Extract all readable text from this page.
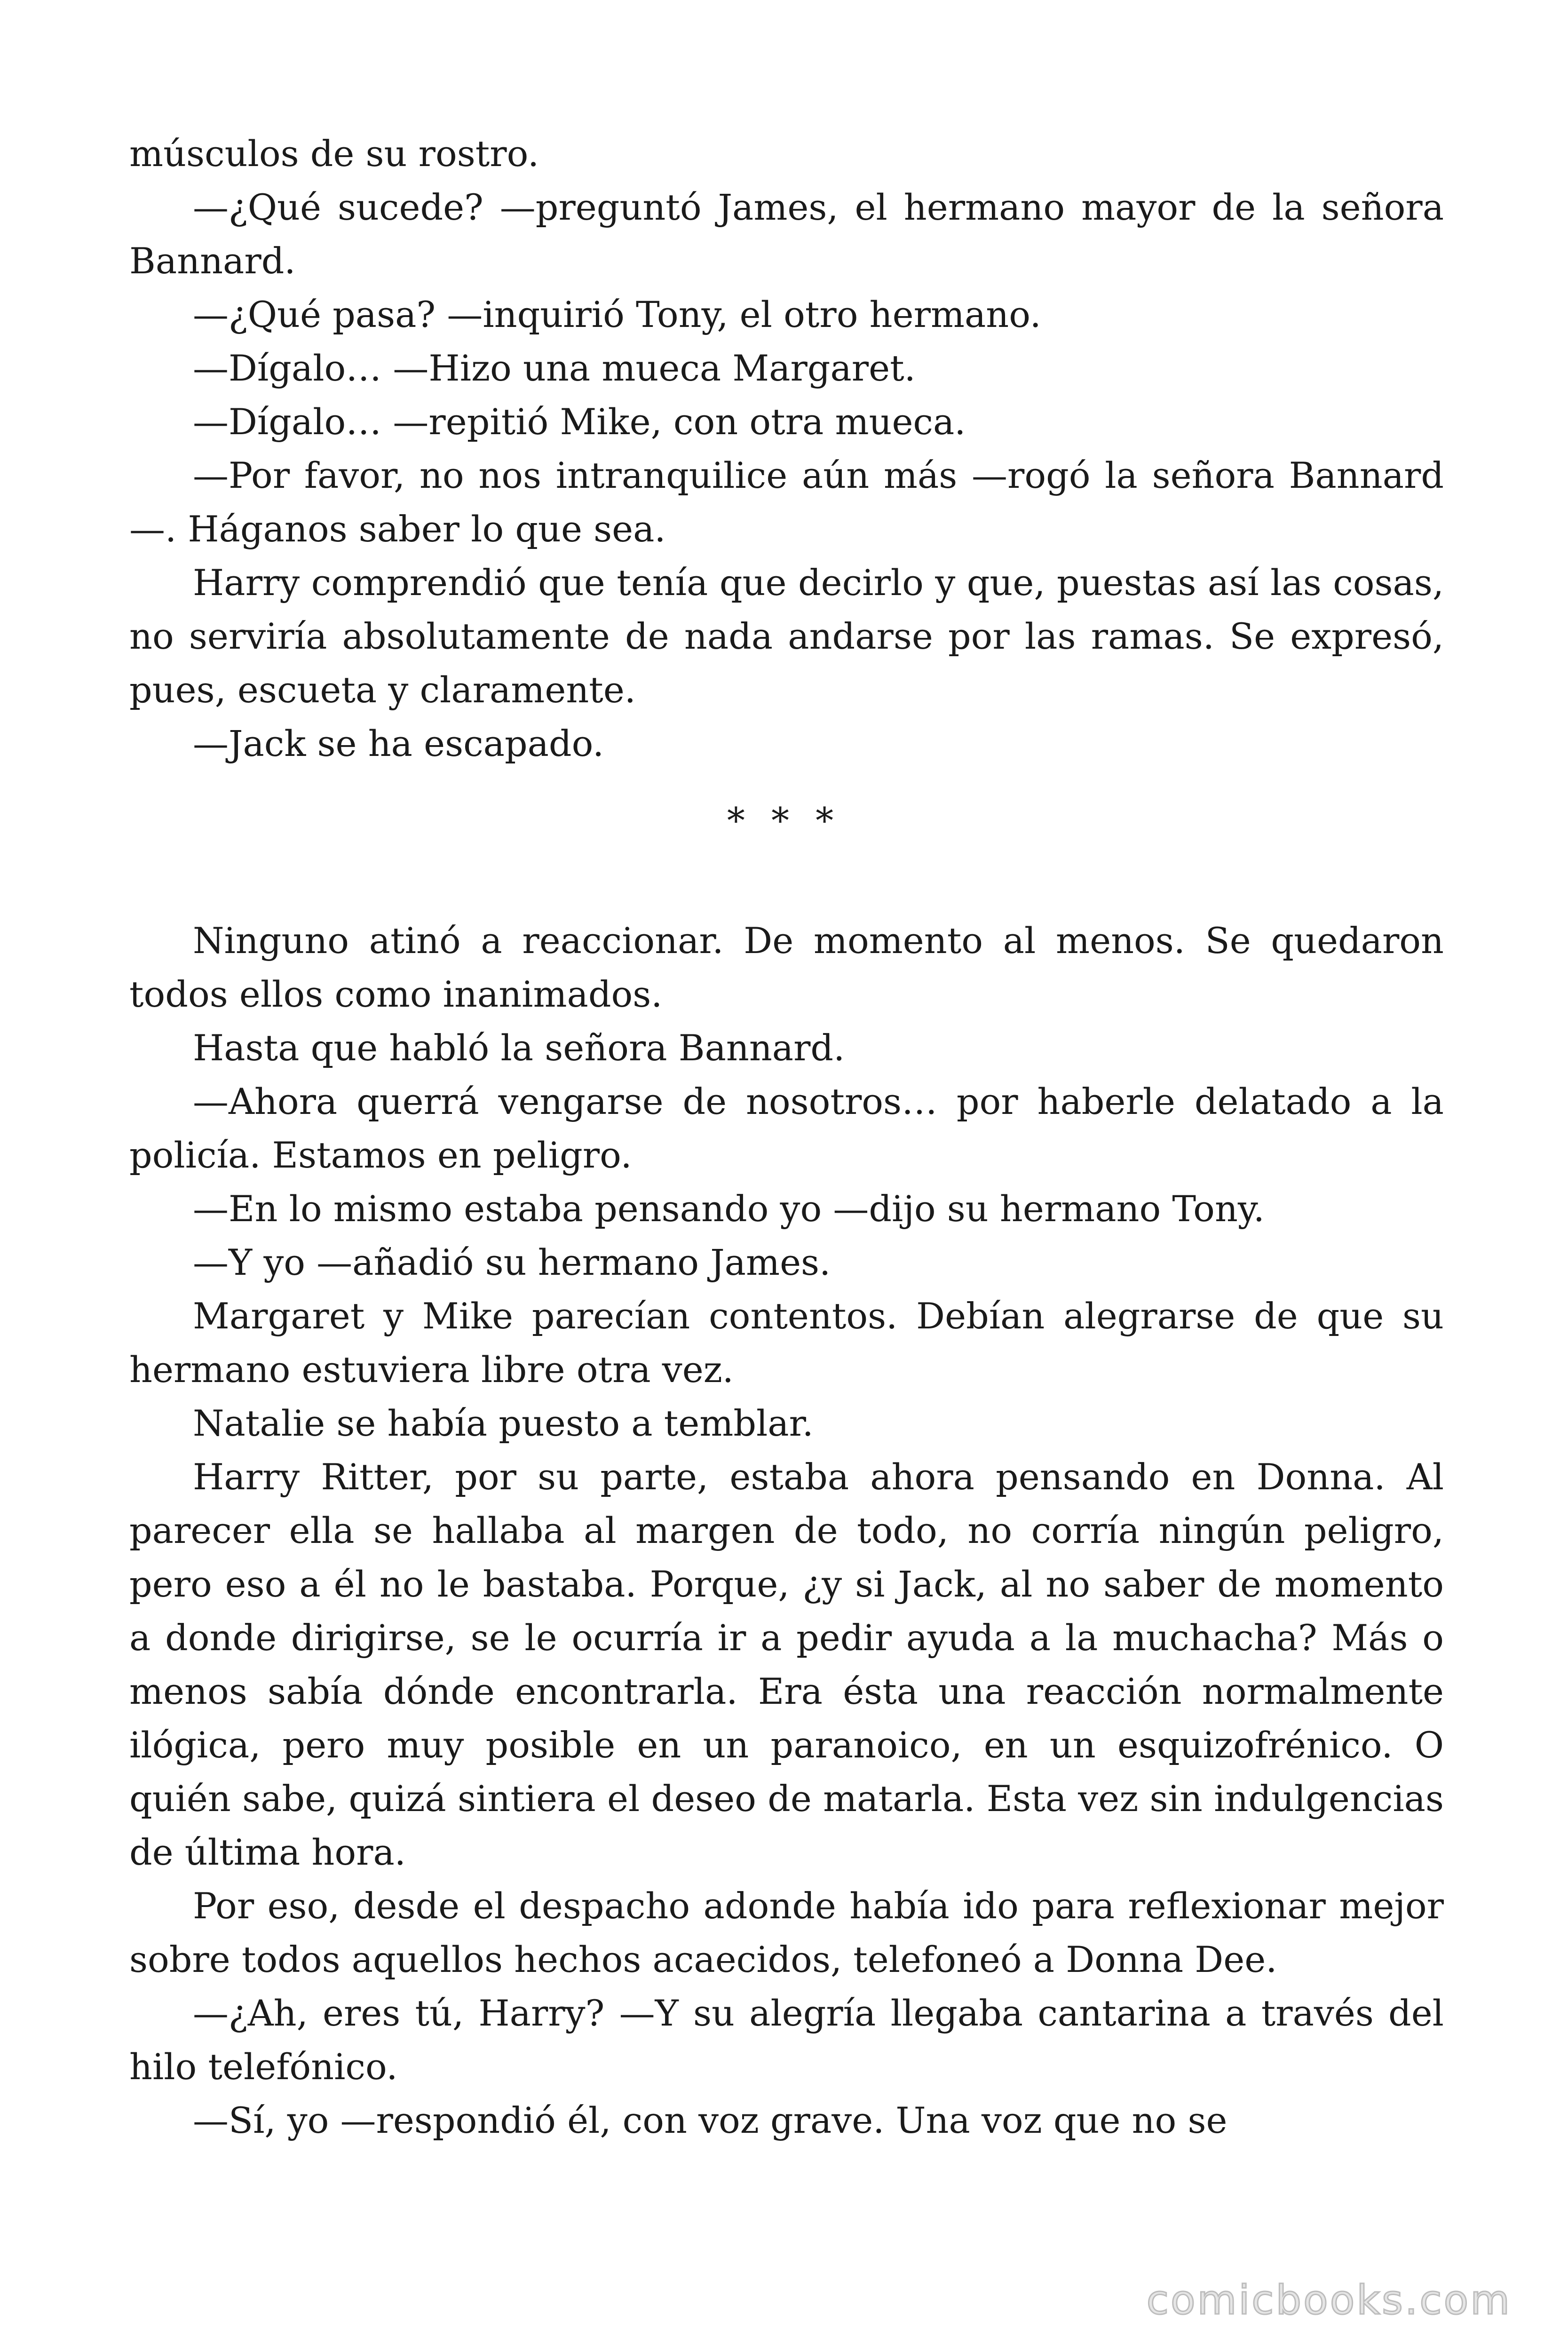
músculos de su rostro.

—¿Qué sucede? —preguntó James, el hermano mayor de la señora Bannard.

—¿Qué pasa? —inquirió Tony, el otro hermano.

—Dígalo… —Hizo una mueca Margaret.

—Dígalo… —repitió Mike, con otra mueca.

—Por favor, no nos intranquilice aún más —rogó la señora Bannard—. Háganos saber lo que sea.

Harry comprendió que tenía que decirlo y que, puestas así las cosas, no serviría absolutamente de nada andarse por las ramas. Se expresó, pues, escueta y claramente.

—Jack se ha escapado.

* * *

Ninguno atinó a reaccionar. De momento al menos. Se quedaron todos ellos como inanimados.

Hasta que habló la señora Bannard.

—Ahora querrá vengarse de nosotros… por haberle delatado a la policía. Estamos en peligro.

—En lo mismo estaba pensando yo —dijo su hermano Tony.

—Y yo —añadió su hermano James.

Margaret y Mike parecían contentos. Debían alegrarse de que su hermano estuviera libre otra vez.

Natalie se había puesto a temblar.

Harry Ritter, por su parte, estaba ahora pensando en Donna. Al parecer ella se hallaba al margen de todo, no corría ningún peligro, pero eso a él no le bastaba. Porque, ¿y si Jack, al no saber de momento a donde dirigirse, se le ocurría ir a pedir ayuda a la muchacha? Más o menos sabía dónde encontrarla. Era ésta una reacción normalmente ilógica, pero muy posible en un paranoico, en un esquizofrénico. O quién sabe, quizá sintiera el deseo de matarla. Esta vez sin indulgencias de última hora.

Por eso, desde el despacho adonde había ido para reflexionar mejor sobre todos aquellos hechos acaecidos, telefoneó a Donna Dee.

—¿Ah, eres tú, Harry? —Y su alegría llegaba cantarina a través del hilo telefónico.

—Sí, yo —respondió él, con voz grave. Una voz que no se

comicbooks.com
